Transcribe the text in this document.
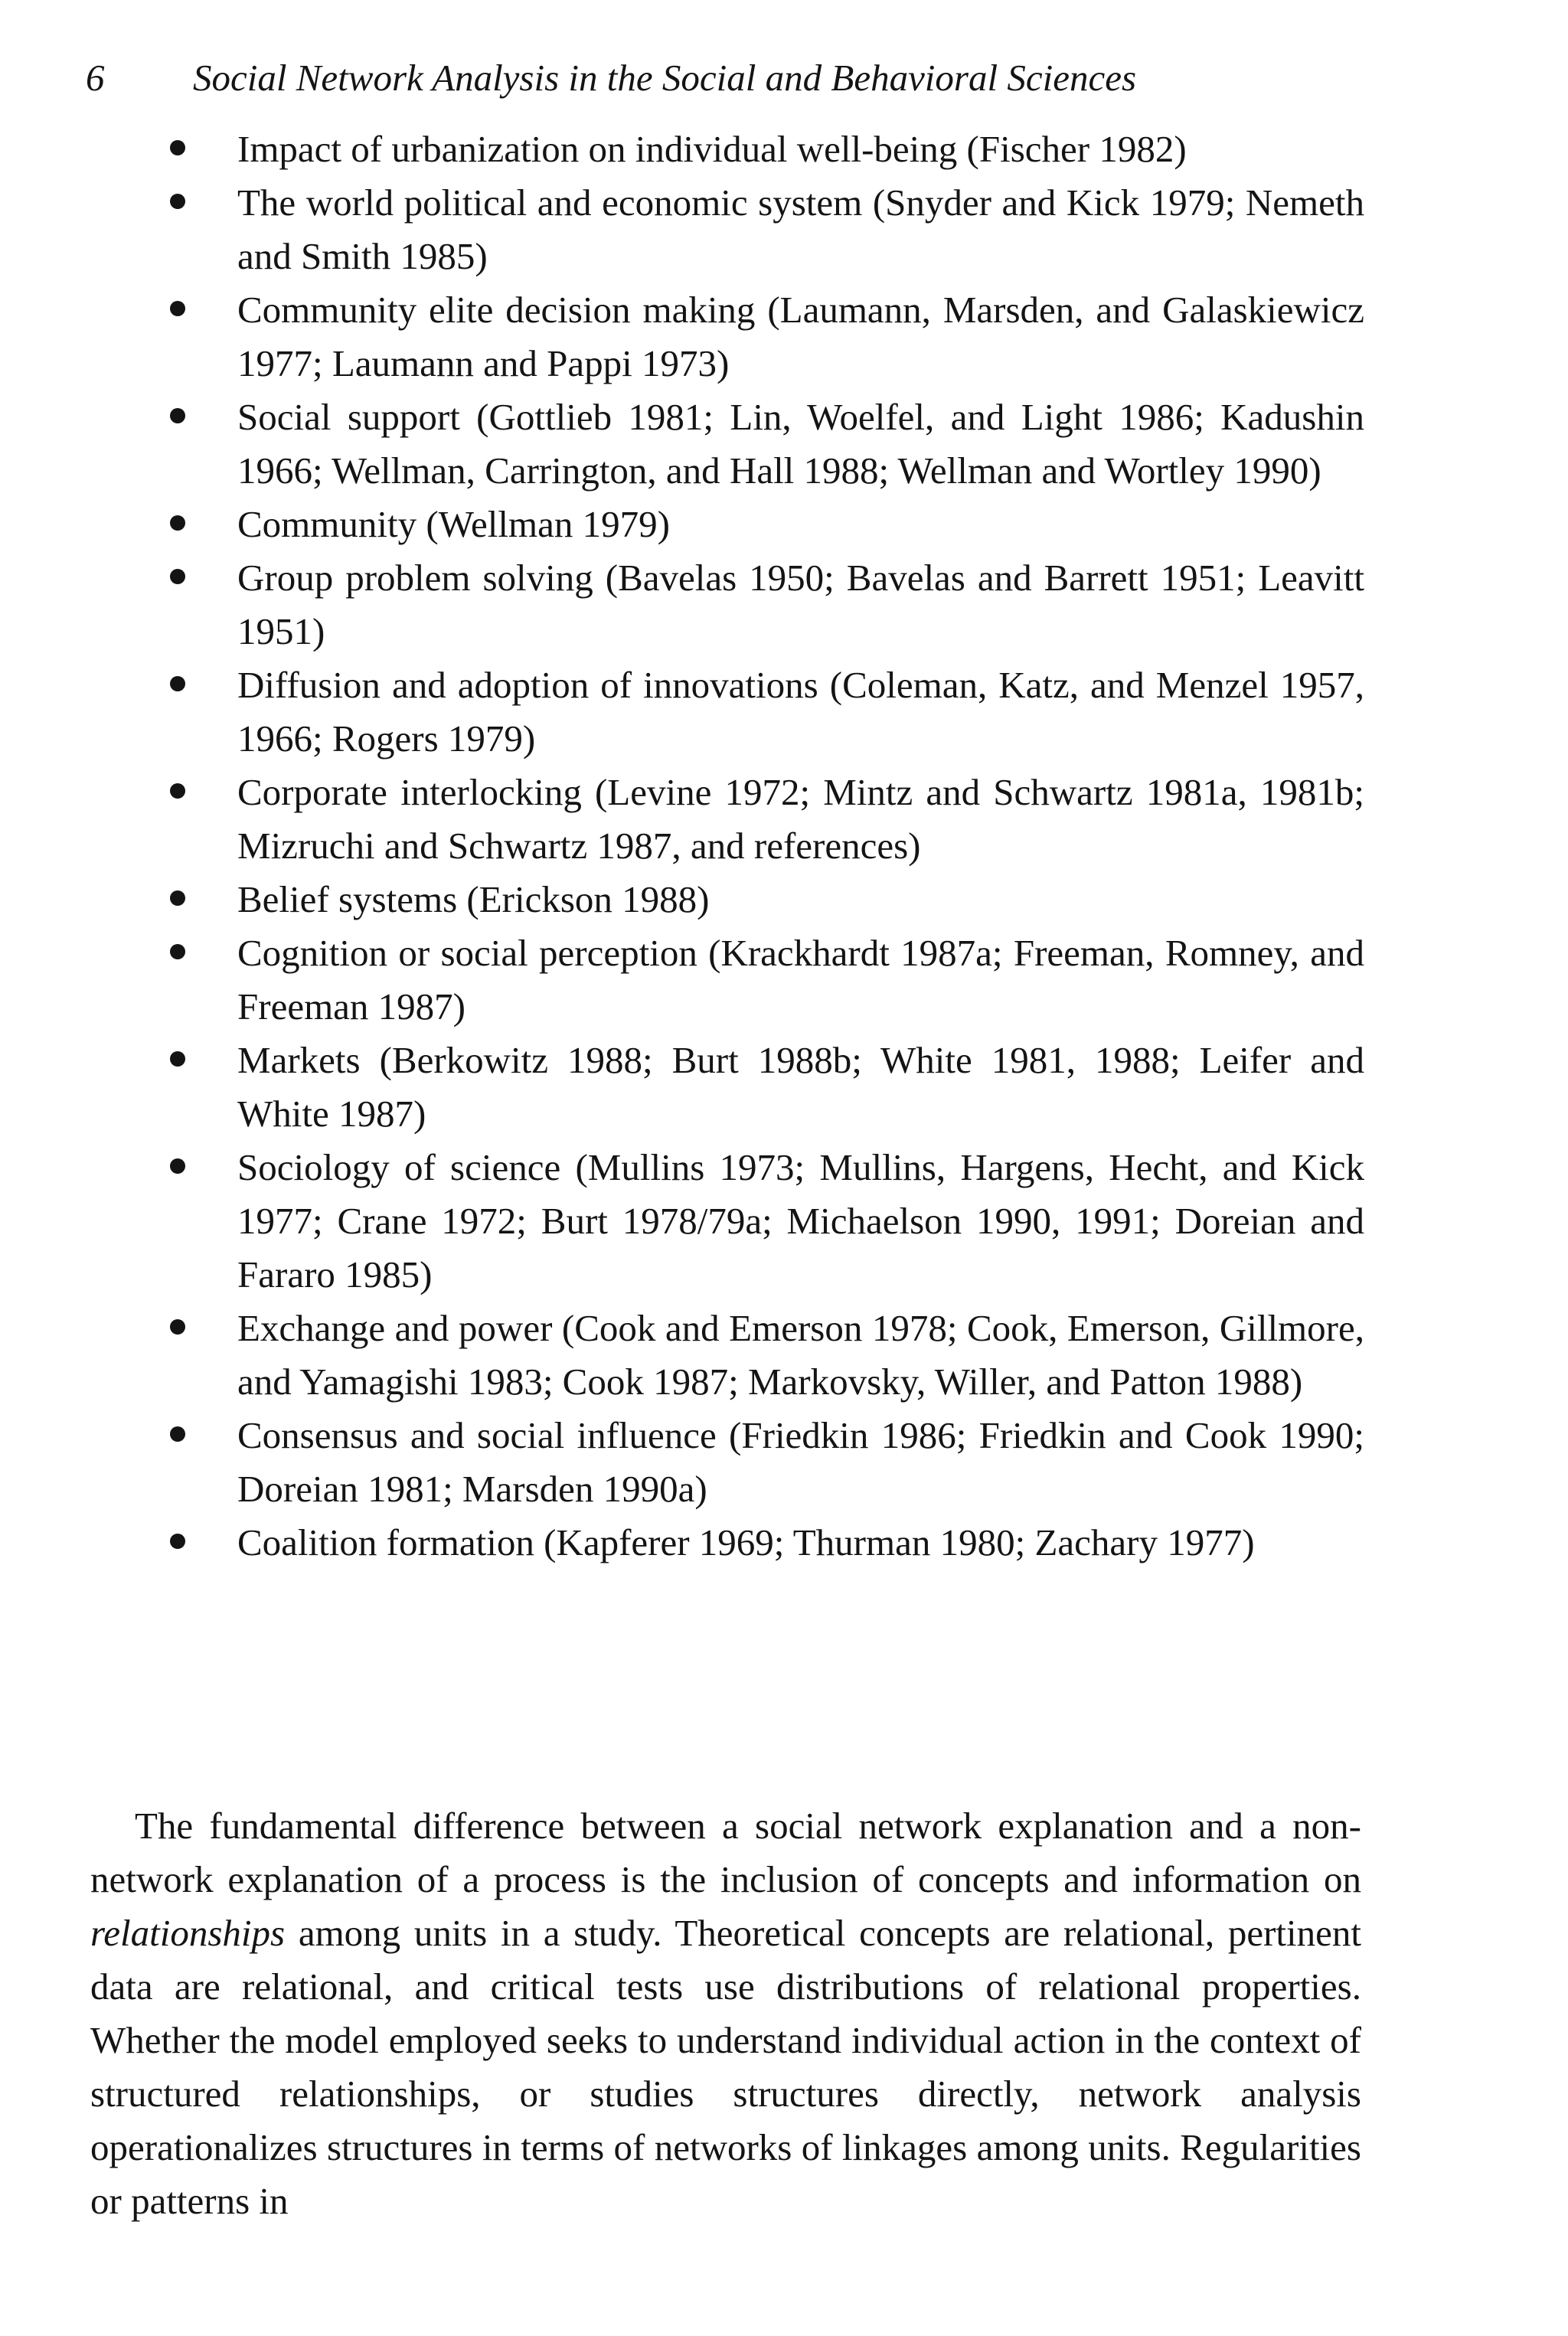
6 Social Network Analysis in the Social and Behavioral Sciences
Impact of urbanization on individual well-being (Fischer 1982)
The world political and economic system (Snyder and Kick 1979; Nemeth and Smith 1985)
Community elite decision making (Laumann, Marsden, and Galaskiewicz 1977; Laumann and Pappi 1973)
Social support (Gottlieb 1981; Lin, Woelfel, and Light 1986; Kadushin 1966; Wellman, Carrington, and Hall 1988; Wellman and Wortley 1990)
Community (Wellman 1979)
Group problem solving (Bavelas 1950; Bavelas and Barrett 1951; Leavitt 1951)
Diffusion and adoption of innovations (Coleman, Katz, and Menzel 1957, 1966; Rogers 1979)
Corporate interlocking (Levine 1972; Mintz and Schwartz 1981a, 1981b; Mizruchi and Schwartz 1987, and references)
Belief systems (Erickson 1988)
Cognition or social perception (Krackhardt 1987a; Freeman, Romney, and Freeman 1987)
Markets (Berkowitz 1988; Burt 1988b; White 1981, 1988; Leifer and White 1987)
Sociology of science (Mullins 1973; Mullins, Hargens, Hecht, and Kick 1977; Crane 1972; Burt 1978/79a; Michaelson 1990, 1991; Doreian and Fararo 1985)
Exchange and power (Cook and Emerson 1978; Cook, Emerson, Gillmore, and Yamagishi 1983; Cook 1987; Markovsky, Willer, and Patton 1988)
Consensus and social influence (Friedkin 1986; Friedkin and Cook 1990; Doreian 1981; Marsden 1990a)
Coalition formation (Kapferer 1969; Thurman 1980; Zachary 1977)

The fundamental difference between a social network explanation and a non-network explanation of a process is the inclusion of concepts and information on relationships among units in a study. Theoretical concepts are relational, pertinent data are relational, and critical tests use distributions of relational properties. Whether the model employed seeks to understand individual action in the context of structured relationships, or studies structures directly, network analysis operationalizes structures in terms of networks of linkages among units. Regularities or patterns in
